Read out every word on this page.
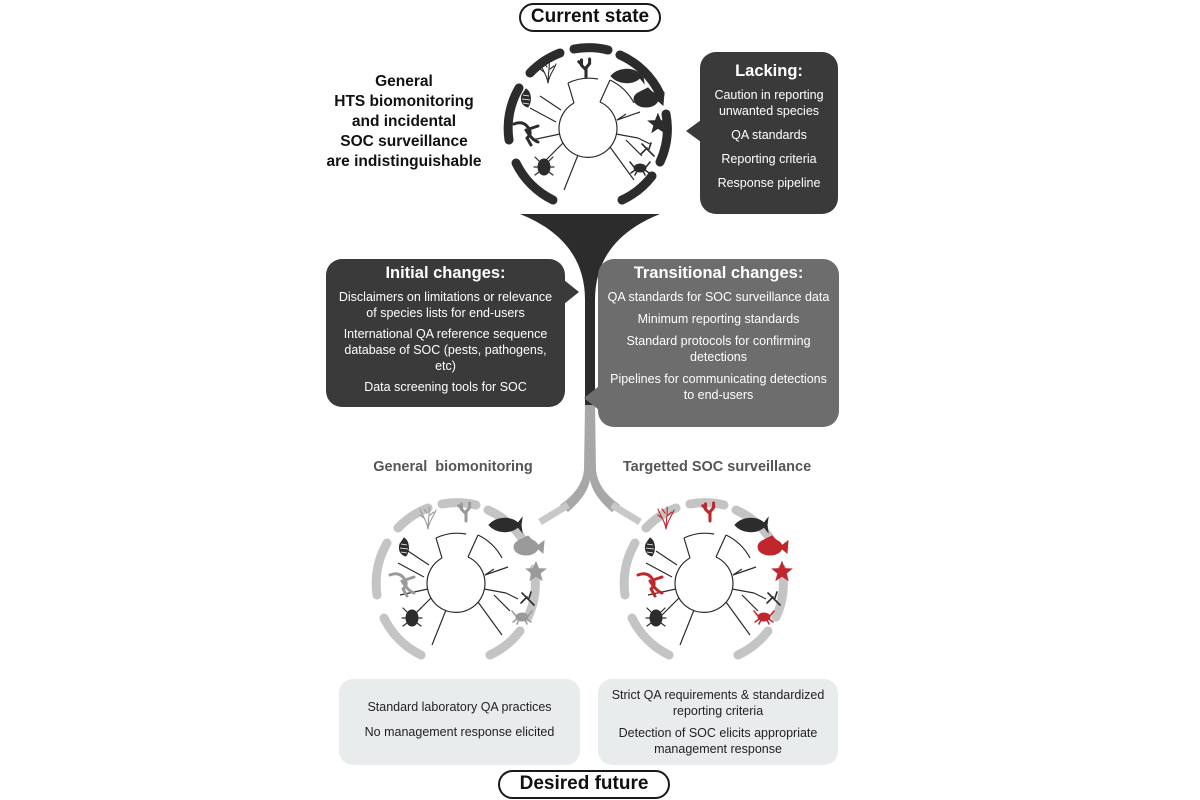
Current state
General
HTS biomonitoring
and incidental
SOC surveillance
are indistinguishable
Lacking:
Caution in reporting unwanted species
QA standards
Reporting criteria
Response pipeline
Initial changes:
Disclaimers on limitations or relevance of species lists for end-users
International QA reference sequence database of SOC (pests, pathogens, etc)
Data screening tools for SOC
Transitional changes:
QA standards for SOC surveillance data
Minimum reporting standards
Standard protocols for confirming detections
Pipelines for communicating detections to end-users
General  biomonitoring	Targetted SOC surveillance
Standard laboratory QA practices
No management response elicited
Strict QA requirements & standardized reporting criteria
Detection of SOC elicits appropriate management response
Desired future
